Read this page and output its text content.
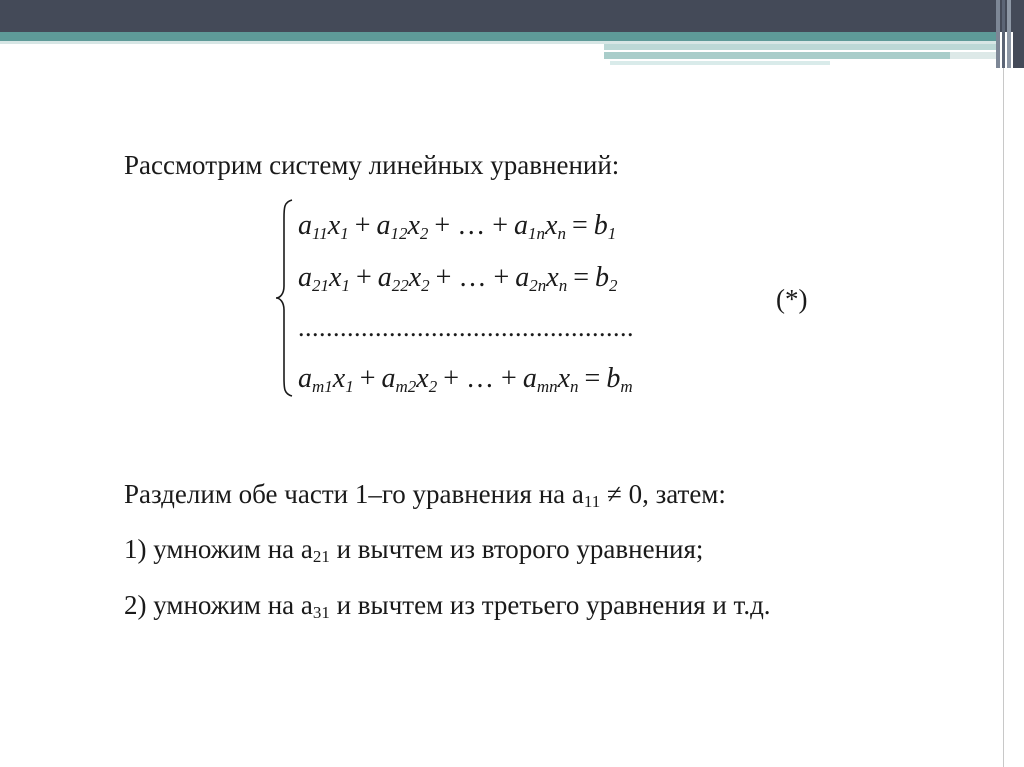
Рассмотрим систему линейных уравнений:
a11x1 + a12x2 + … + a1nxn = b1
a21x1 + a22x2 + … + a2nxn = b2
................................................
am1x1 + am2x2 + … + amnxn = bm
(*)
Разделим обе части 1–го уравнения на $a_{11} \ne 0$, затем:
1) умножим на $a_{21}$ и вычтем из второго уравнения;
2) умножим на $a_{31}$ и вычтем из третьего уравнения и т.д.
